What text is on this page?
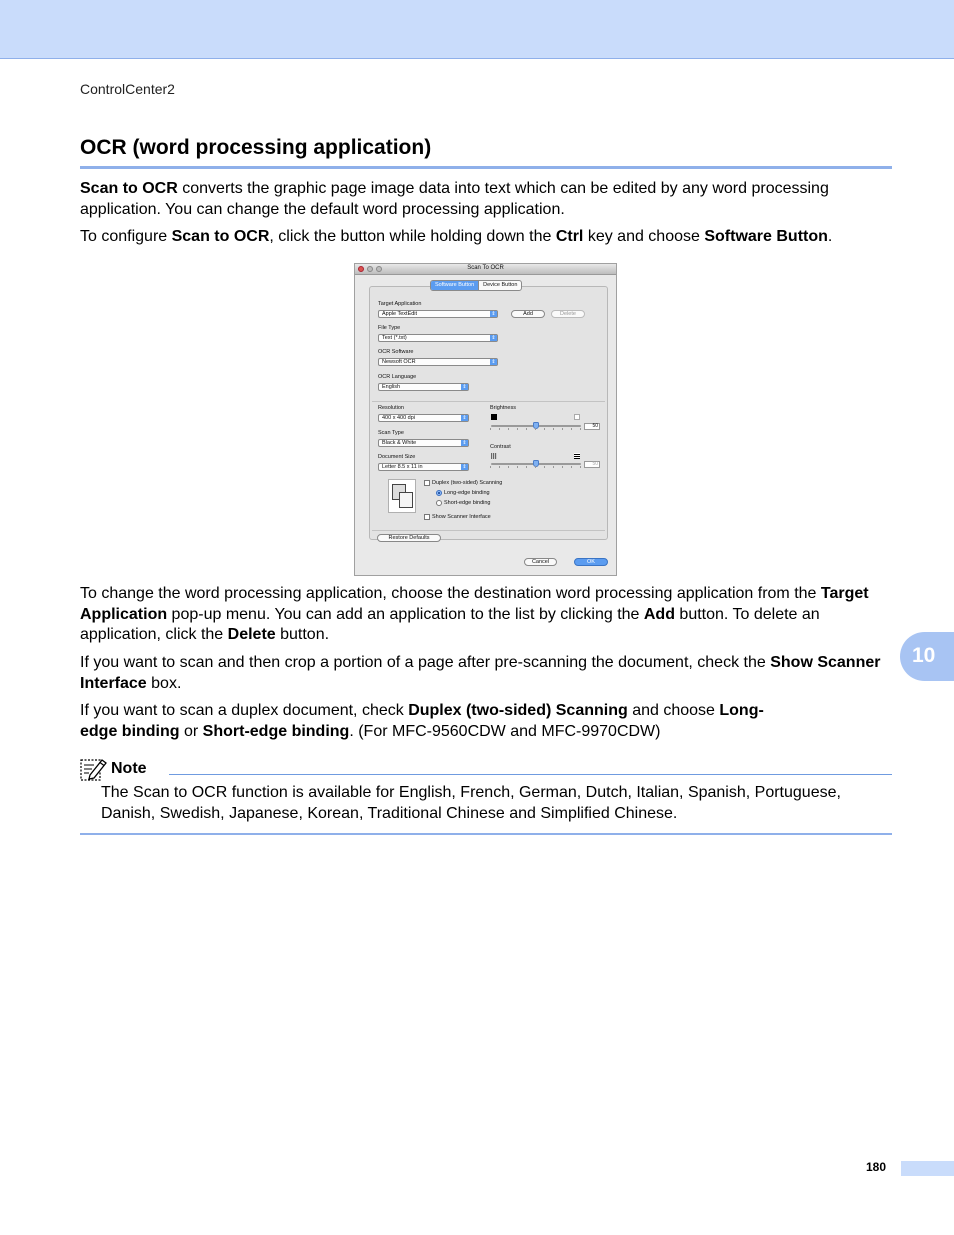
ControlCenter2
OCR (word processing application)

Scan to OCR converts the graphic page image data into text which can be edited by any word processing application. You can change the default word processing application.

To configure Scan to OCR, click the button while holding down the Ctrl key and choose Software Button.

Scan To OCR
Target Application
Apple TextEdit	⇕	Add	Delete
File Type
Text (*.txt)	⇕
OCR Software
Newsoft OCR	⇕
OCR Language
English	⇕
Resolution
400 x 400 dpi	⇕
Scan Type
Black & White	⇕
Document Size
Letter 8.5 x 11 in	⇕
Brightness
50
Contrast
50
Duplex (two-sided) Scanning
Long-edge binding
Short-edge binding
Show Scanner Interface
Restore Defaults
Cancel	OK
Software Button	Device Button

To change the word processing application, choose the destination word processing application from the Target Application pop-up menu. You can add an application to the list by clicking the Add button. To delete an application, click the Delete button.

If you want to scan and then crop a portion of a page after pre-scanning the document, check the Show Scanner Interface box.

If you want to scan a duplex document, check Duplex (two-sided) Scanning and choose Long-edge binding or Short-edge binding. (For MFC-9560CDW and MFC-9970CDW)

10
Note

The Scan to OCR function is available for English, French, German, Dutch, Italian, Spanish, Portuguese, Danish, Swedish, Japanese, Korean, Traditional Chinese and Simplified Chinese.

180
